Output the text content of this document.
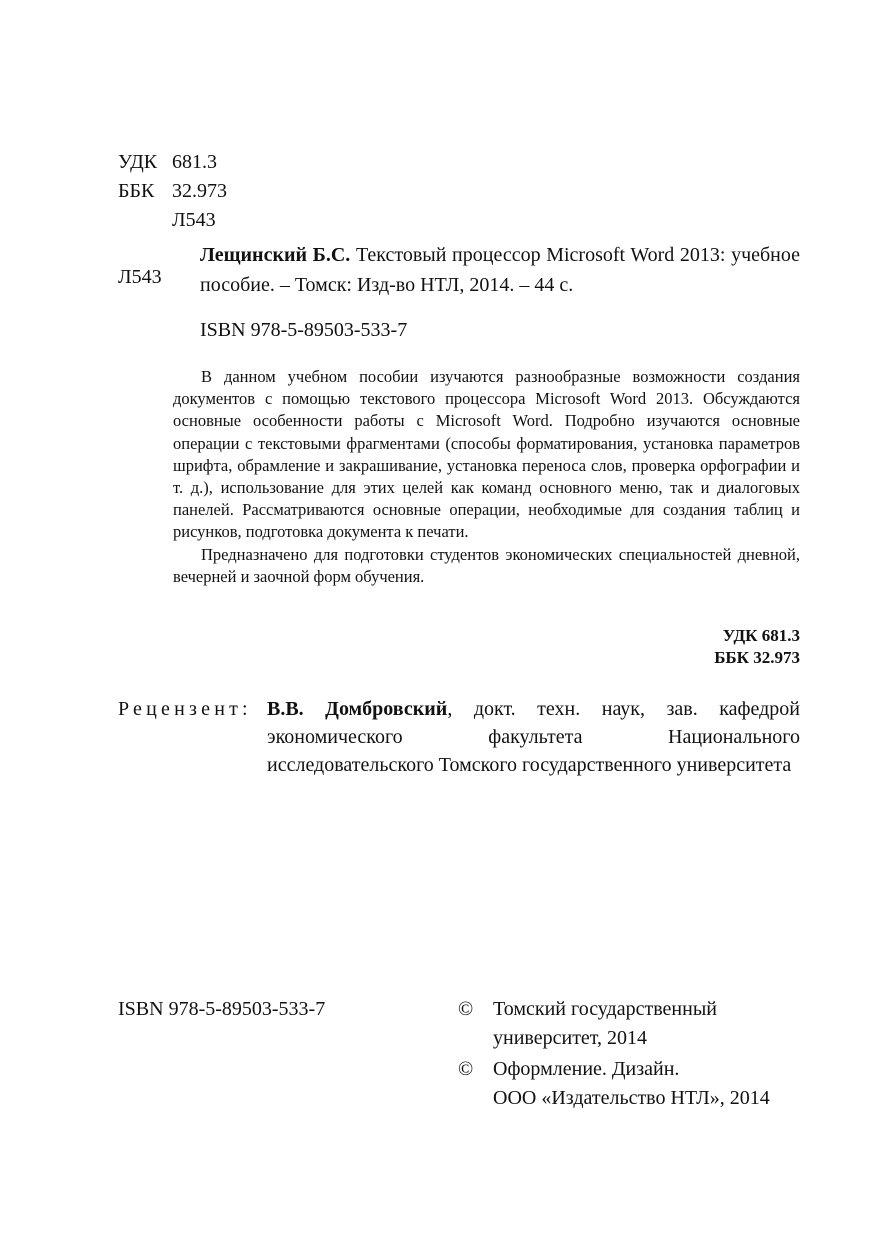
УДК 681.3
ББК 32.973
Л543
Л543
Лещинский Б.С. Текстовый процессор Microsoft Word 2013: учебное пособие. – Томск: Изд-во НТЛ, 2014. – 44 с.
ISBN 978-5-89503-533-7

В данном учебном пособии изучаются разнообразные возможности создания документов с помощью текстового процессора Microsoft Word 2013. Обсуждаются основные особенности работы с Microsoft Word. Подробно изучаются основные операции с текстовыми фрагментами (способы форматирования, установка параметров шрифта, обрамление и закрашивание, установка переноса слов, проверка орфографии и т. д.), использование для этих целей как команд основного меню, так и диалоговых панелей. Рассматриваются основные операции, необходимые для создания таблиц и рисунков, подготовка документа к печати.

Предназначено для подготовки студентов экономических специальностей дневной, вечерней и заочной форм обучения.

УДК 681.3
ББК 32.973
Рецензент: В.В. Домбровский, докт. техн. наук, зав. кафедрой экономического факультета Национального исследовательского Томского государственного университета
ISBN 978-5-89503-533-7	© Томский государственный университет, 2014
© Оформление. Дизайн.
ООО «Издательство НТЛ», 2014
